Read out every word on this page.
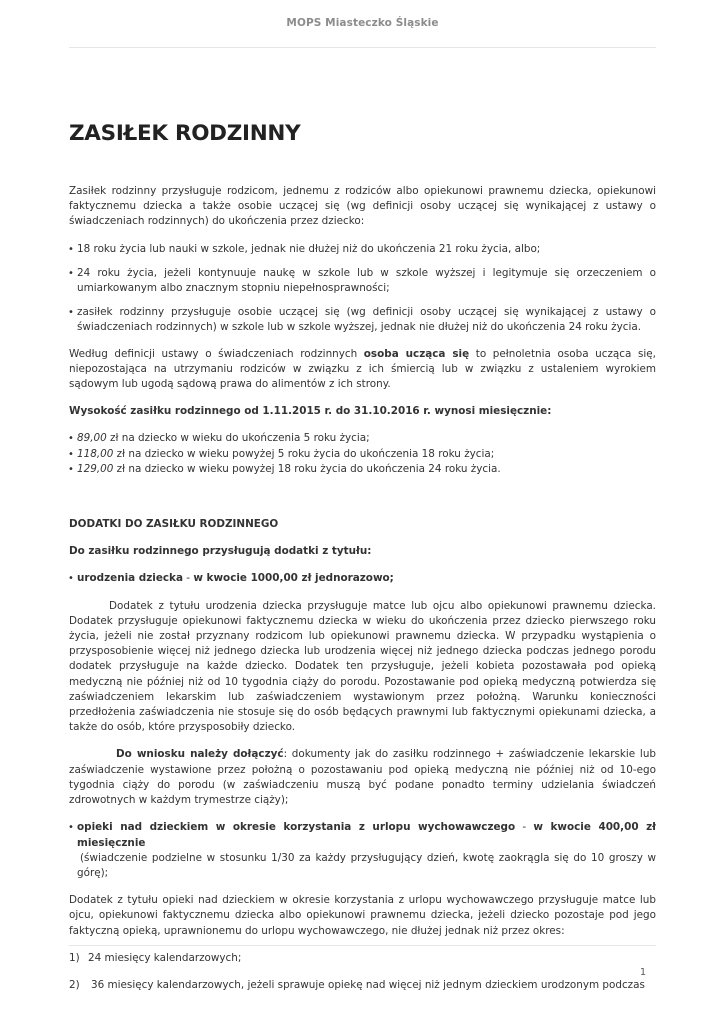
MOPS Miasteczko Śląskie
ZASIŁEK RODZINNY

Zasiłek rodzinny przysługuje rodzicom, jednemu z rodziców albo opiekunowi prawnemu dziecka, opiekunowi faktycznemu dziecka a także osobie uczącej się (wg definicji osoby uczącej się wynikającej z ustawy o świadczeniach rodzinnych) do ukończenia przez dziecko:

• 18 roku życia lub nauki w szkole, jednak nie dłużej niż do ukończenia 21 roku życia, albo;
• 24 roku życia, jeżeli kontynuuje naukę w szkole lub w szkole wyższej i legitymuje się orzeczeniem o umiarkowanym albo znacznym stopniu niepełnosprawności;
• zasiłek rodzinny przysługuje osobie uczącej się (wg definicji osoby uczącej się wynikającej z ustawy o świadczeniach rodzinnych) w szkole lub w szkole wyższej, jednak nie dłużej niż do ukończenia 24 roku życia.

Według definicji ustawy o świadczeniach rodzinnych osoba ucząca się to pełnoletnia osoba ucząca się, niepozostająca na utrzymaniu rodziców w związku z ich śmiercią lub w związku z ustaleniem wyrokiem sądowym lub ugodą sądową prawa do alimentów z ich strony.

Wysokość zasiłku rodzinnego od 1.11.2015 r. do 31.10.2016 r. wynosi miesięcznie:

• 89,00 zł na dziecko w wieku do ukończenia 5 roku życia;
• 118,00 zł na dziecko w wieku powyżej 5 roku życia do ukończenia 18 roku życia;
• 129,00 zł na dziecko w wieku powyżej 18 roku życia do ukończenia 24 roku życia.
DODATKI DO ZASIŁKU RODZINNEGO

Do zasiłku rodzinnego przysługują dodatki z tytułu:

• urodzenia dziecka - w kwocie 1000,00 zł jednorazowo;

Dodatek z tytułu urodzenia dziecka przysługuje matce lub ojcu albo opiekunowi prawnemu dziecka. Dodatek przysługuje opiekunowi faktycznemu dziecka w wieku do ukończenia przez dziecko pierwszego roku życia, jeżeli nie został przyznany rodzicom lub opiekunowi prawnemu dziecka. W przypadku wystąpienia o przysposobienie więcej niż jednego dziecka lub urodzenia więcej niż jednego dziecka podczas jednego porodu dodatek przysługuje na każde dziecko. Dodatek ten przysługuje, jeżeli kobieta pozostawała pod opieką medyczną nie później niż od 10 tygodnia ciąży do porodu. Pozostawanie pod opieką medyczną potwierdza się zaświadczeniem lekarskim lub zaświadczeniem wystawionym przez położną. Warunku konieczności przedłożenia zaświadczenia nie stosuje się do osób będących prawnymi lub faktycznymi opiekunami dziecka, a także do osób, które przysposobiły dziecko.

Do wniosku należy dołączyć: dokumenty jak do zasiłku rodzinnego + zaświadczenie lekarskie lub zaświadczenie wystawione przez położną o pozostawaniu pod opieką medyczną nie później niż od 10-ego tygodnia ciąży do porodu (w zaświadczeniu muszą być podane ponadto terminy udzielania świadczeń zdrowotnych w każdym trymestrze ciąży);

• opieki nad dzieckiem w okresie korzystania z urlopu wychowawczego - w kwocie 400,00 zł miesięcznie
(świadczenie podzielne w stosunku 1/30 za każdy przysługujący dzień, kwotę zaokrągla się do 10 groszy w górę);

Dodatek z tytułu opieki nad dzieckiem w okresie korzystania z urlopu wychowawczego przysługuje matce lub ojcu, opiekunowi faktycznemu dziecka albo opiekunowi prawnemu dziecka, jeżeli dziecko pozostaje pod jego faktyczną opieką, uprawnionemu do urlopu wychowawczego, nie dłużej jednak niż przez okres:

1) 24 miesięcy kalendarzowych;

2) 36 miesięcy kalendarzowych, jeżeli sprawuje opiekę nad więcej niż jednym dzieckiem urodzonym podczas

1
